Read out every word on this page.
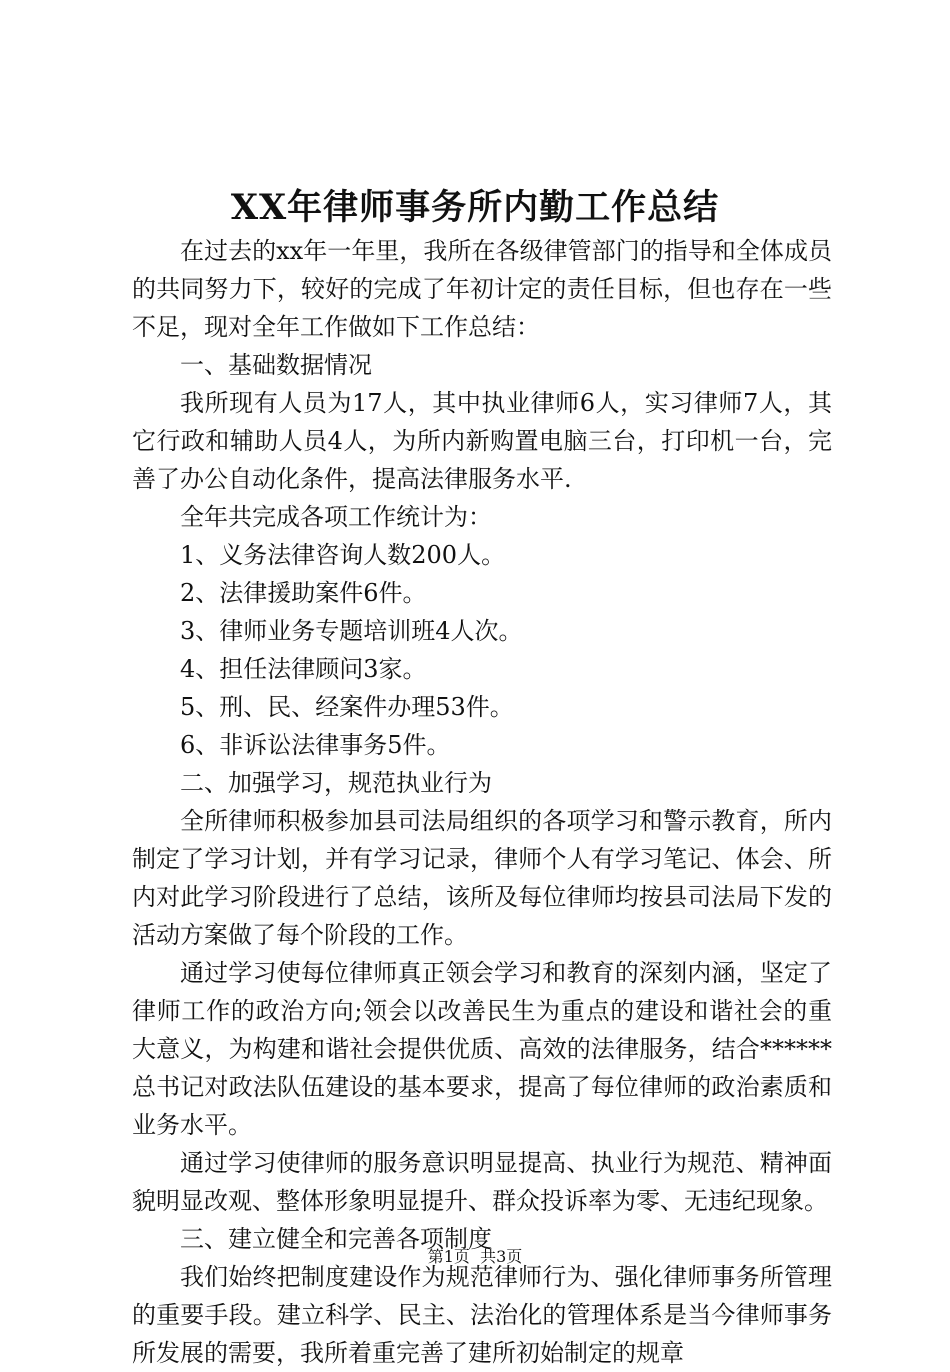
XX年律师事务所内勤工作总结

在过去的xx年一年里，我所在各级律管部门的指导和全体成员的共同努力下，较好的完成了年初计定的责任目标，但也存在一些不足，现对全年工作做如下工作总结：

一、基础数据情况

我所现有人员为17人，其中执业律师6人，实习律师7人，其它行政和辅助人员4人，为所内新购置电脑三台，打印机一台，完善了办公自动化条件，提高法律服务水平.

全年共完成各项工作统计为：

1、义务法律咨询人数200人。

2、法律援助案件6件。

3、律师业务专题培训班4人次。

4、担任法律顾问3家。

5、刑、民、经案件办理53件。

6、非诉讼法律事务5件。

二、加强学习，规范执业行为

全所律师积极参加县司法局组织的各项学习和警示教育，所内制定了学习计划，并有学习记录，律师个人有学习笔记、体会、所内对此学习阶段进行了总结，该所及每位律师均按县司法局下发的活动方案做了每个阶段的工作。

通过学习使每位律师真正领会学习和教育的深刻内涵，坚定了律师工作的政治方向;领会以改善民生为重点的建设和谐社会的重大意义，为构建和谐社会提供优质、高效的法律服务，结合******总书记对政法队伍建设的基本要求，提高了每位律师的政治素质和业务水平。

通过学习使律师的服务意识明显提高、执业行为规范、精神面貌明显改观、整体形象明显提升、群众投诉率为零、无违纪现象。

三、建立健全和完善各项制度

我们始终把制度建设作为规范律师行为、强化律师事务所管理的重要手段。建立科学、民主、法治化的管理体系是当今律师事务所发展的需要，我所着重完善了建所初始制定的规章

第1页  共3页
